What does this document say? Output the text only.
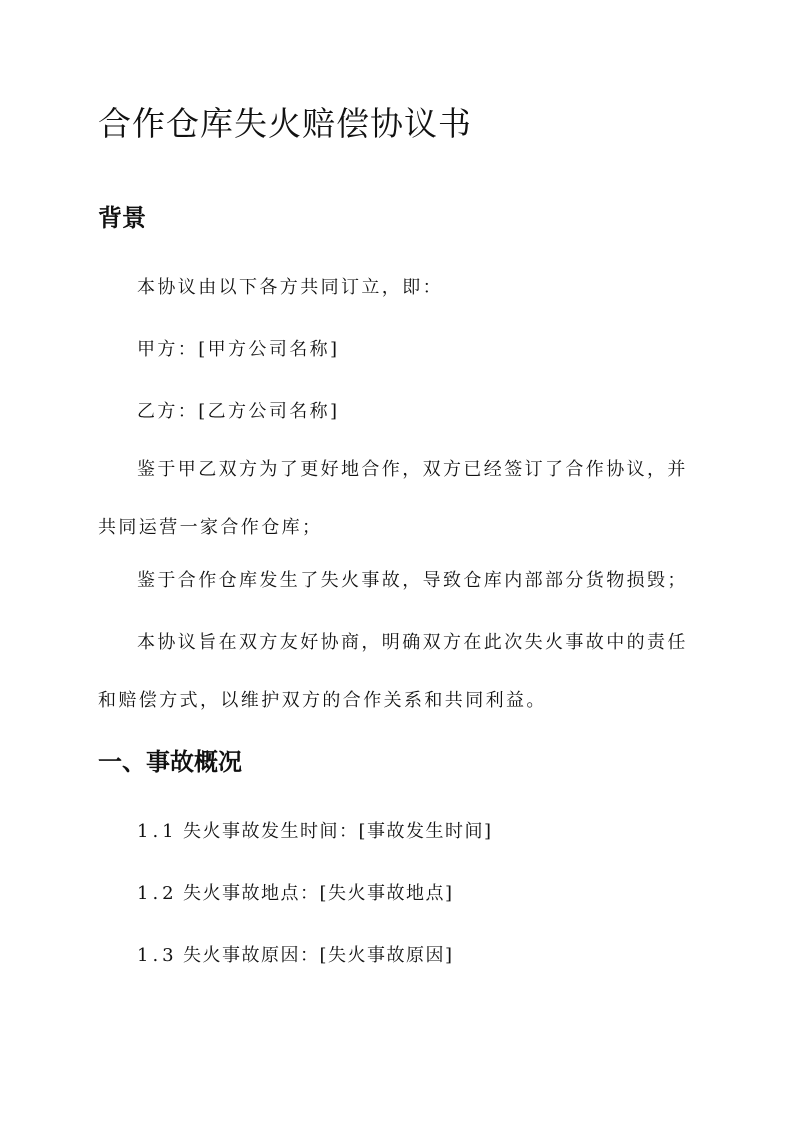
合作仓库失火赔偿协议书
背景

本协议由以下各方共同订立，即：

甲方：[甲方公司名称]

乙方：[乙方公司名称]

鉴于甲乙双方为了更好地合作，双方已经签订了合作协议，并共同运营一家合作仓库；

鉴于合作仓库发生了失火事故，导致仓库内部部分货物损毁；

本协议旨在双方友好协商，明确双方在此次失火事故中的责任和赔偿方式，以维护双方的合作关系和共同利益。

一、事故概况

1.1 失火事故发生时间：[事故发生时间]

1.2 失火事故地点：[失火事故地点]

1.3 失火事故原因：[失火事故原因]
